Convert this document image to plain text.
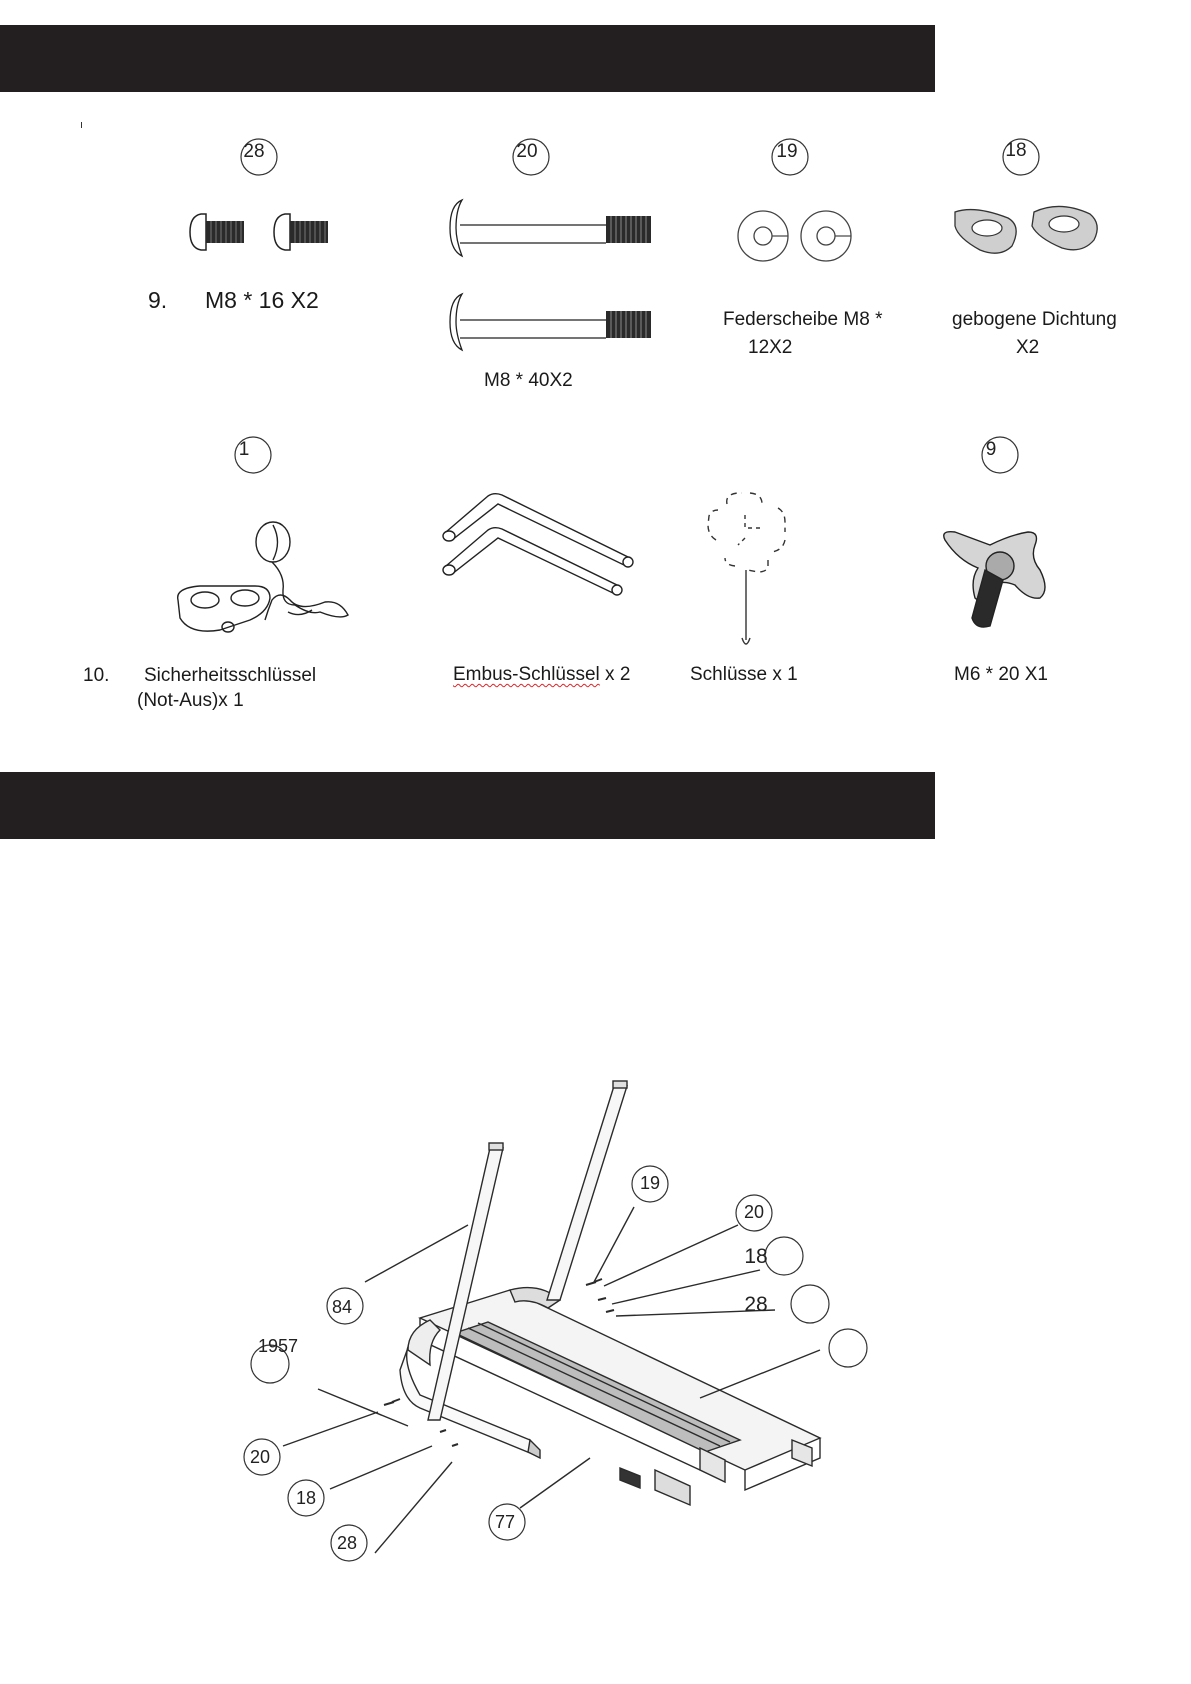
28	20	19	18
1	9
19
20
18
28
84
1957
20
18
28
77
9. M8 * 16 X2
M8 * 40X2
Federscheibe M8 *
12X2
gebogene Dichtung
X2
10. Sicherheitsschlüssel
(Not-Aus)x 1
Embus-Schlüssel x 2	Schlüsse x 1	M6 * 20 X1
